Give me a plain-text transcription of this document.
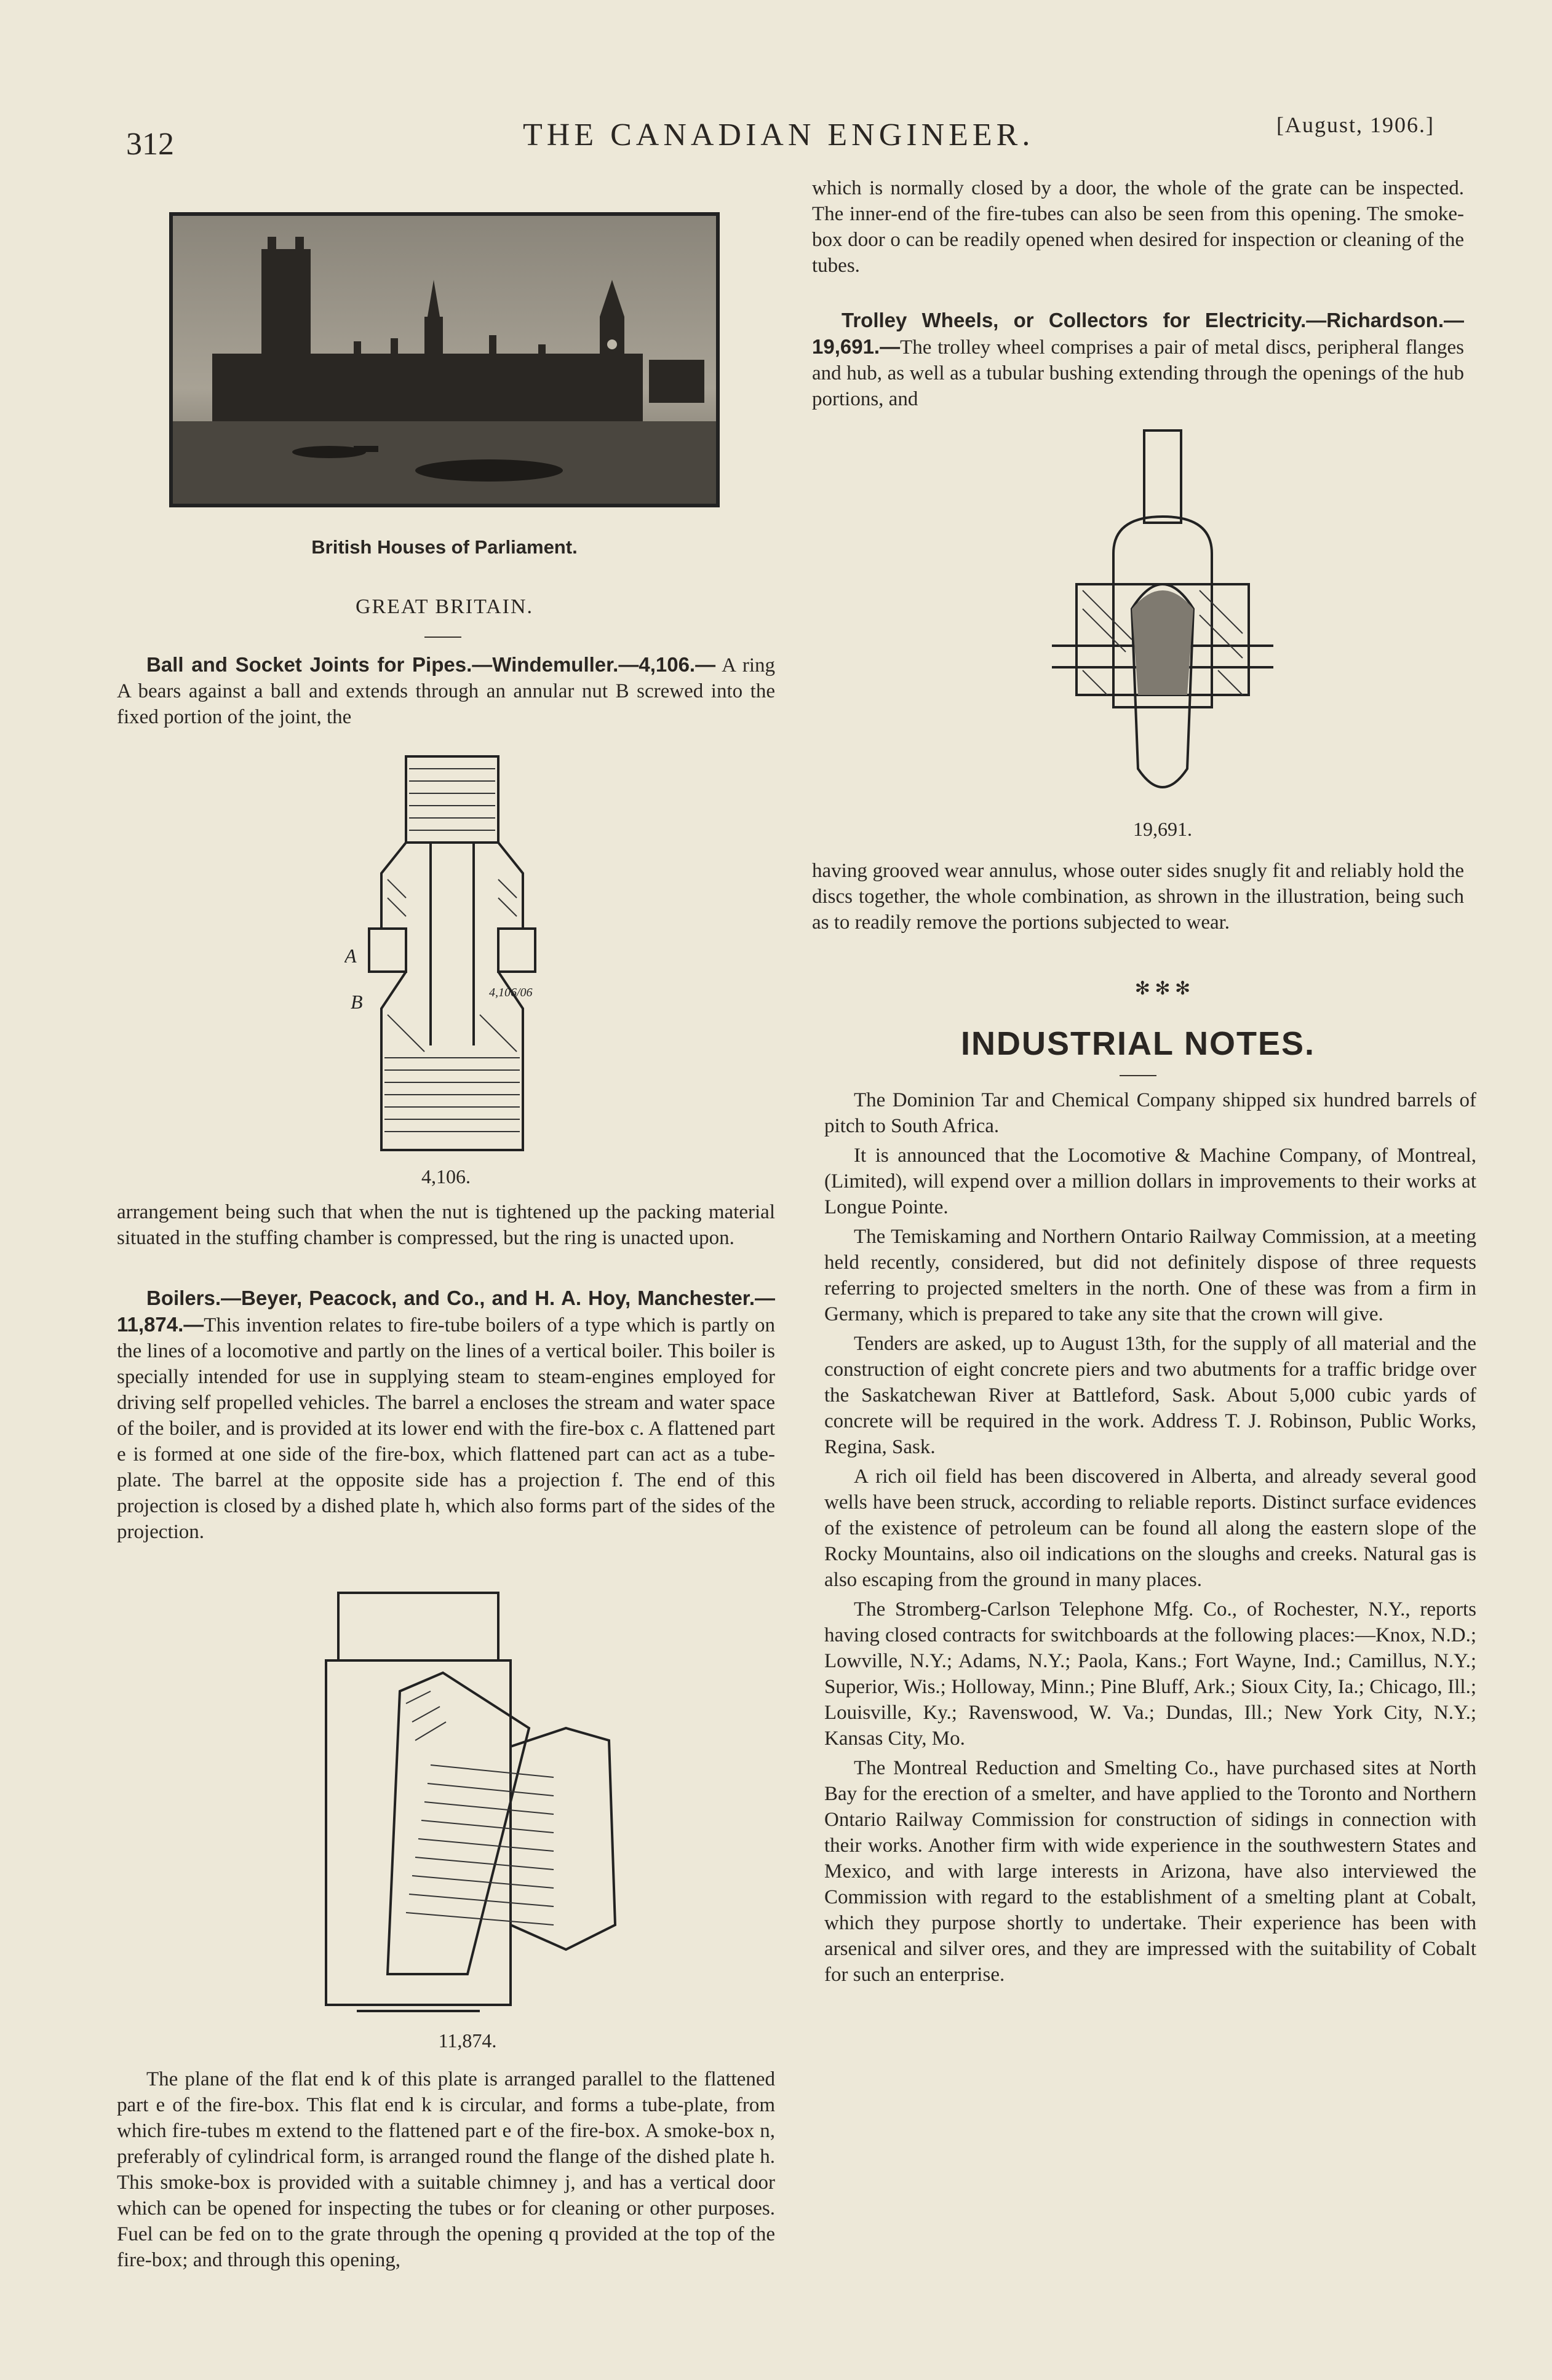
312	THE CANADIAN ENGINEER.	[August, 1906.]
British Houses of Parliament.
GREAT BRITAIN.

Ball and Socket Joints for Pipes.—Windemuller.—4,106.— A ring A bears against a ball and extends through an annular nut B screwed into the fixed portion of the joint, the

A
B	4,106/06
4,106.

arrangement being such that when the nut is tightened up the packing material situated in the stuffing chamber is compressed, but the ring is unacted upon.

Boilers.—Beyer, Peacock, and Co., and H. A. Hoy, Manchester.—11,874.—This invention relates to fire-tube boilers of a type which is partly on the lines of a locomotive and partly on the lines of a vertical boiler. This boiler is specially intended for use in supplying steam to steam-engines employed for driving self propelled vehicles. The barrel a encloses the stream and water space of the boiler, and is provided at its lower end with the fire-box c. A flattened part e is formed at one side of the fire-box, which flattened part can act as a tube-plate. The barrel at the opposite side has a projection f. The end of this projection is closed by a dished plate h, which also forms part of the sides of the projection.

11,874.

The plane of the flat end k of this plate is arranged parallel to the flattened part e of the fire-box. This flat end k is circular, and forms a tube-plate, from which fire-tubes m extend to the flattened part e of the fire-box. A smoke-box n, preferably of cylindrical form, is arranged round the flange of the dished plate h. This smoke-box is provided with a suitable chimney j, and has a vertical door which can be opened for inspecting the tubes or for cleaning or other purposes. Fuel can be fed on to the grate through the opening q provided at the top of the fire-box; and through this opening,

which is normally closed by a door, the whole of the grate can be inspected. The inner-end of the fire-tubes can also be seen from this opening. The smoke-box door o can be readily opened when desired for inspection or cleaning of the tubes.

Trolley Wheels, or Collectors for Electricity.—Richardson.—19,691.—The trolley wheel comprises a pair of metal discs, peripheral flanges and hub, as well as a tubular bushing extending through the openings of the hub portions, and

19,691.

having grooved wear annulus, whose outer sides snugly fit and reliably hold the discs together, the whole combination, as shrown in the illustration, being such as to readily remove the portions subjected to wear.

✻ ✻ ✻
INDUSTRIAL NOTES.

The Dominion Tar and Chemical Company shipped six hundred barrels of pitch to South Africa.

It is announced that the Locomotive & Machine Company, of Montreal, (Limited), will expend over a million dollars in improvements to their works at Longue Pointe.

The Temiskaming and Northern Ontario Railway Commission, at a meeting held recently, considered, but did not definitely dispose of three requests referring to projected smelters in the north. One of these was from a firm in Germany, which is prepared to take any site that the crown will give.

Tenders are asked, up to August 13th, for the supply of all material and the construction of eight concrete piers and two abutments for a traffic bridge over the Saskatchewan River at Battleford, Sask. About 5,000 cubic yards of concrete will be required in the work. Address T. J. Robinson, Public Works, Regina, Sask.

A rich oil field has been discovered in Alberta, and already several good wells have been struck, according to reliable reports. Distinct surface evidences of the existence of petroleum can be found all along the eastern slope of the Rocky Mountains, also oil indications on the sloughs and creeks. Natural gas is also escaping from the ground in many places.

The Stromberg-Carlson Telephone Mfg. Co., of Rochester, N.Y., reports having closed contracts for switchboards at the following places:—Knox, N.D.; Lowville, N.Y.; Adams, N.Y.; Paola, Kans.; Fort Wayne, Ind.; Camillus, N.Y.; Superior, Wis.; Holloway, Minn.; Pine Bluff, Ark.; Sioux City, Ia.; Chicago, Ill.; Louisville, Ky.; Ravenswood, W. Va.; Dundas, Ill.; New York City, N.Y.; Kansas City, Mo.

The Montreal Reduction and Smelting Co., have purchased sites at North Bay for the erection of a smelter, and have applied to the Toronto and Northern Ontario Railway Commission for construction of sidings in connection with their works. Another firm with wide experience in the southwestern States and Mexico, and with large interests in Arizona, have also interviewed the Commission with regard to the establishment of a smelting plant at Cobalt, which they purpose shortly to undertake. Their experience has been with arsenical and silver ores, and they are impressed with the suitability of Cobalt for such an enterprise.
